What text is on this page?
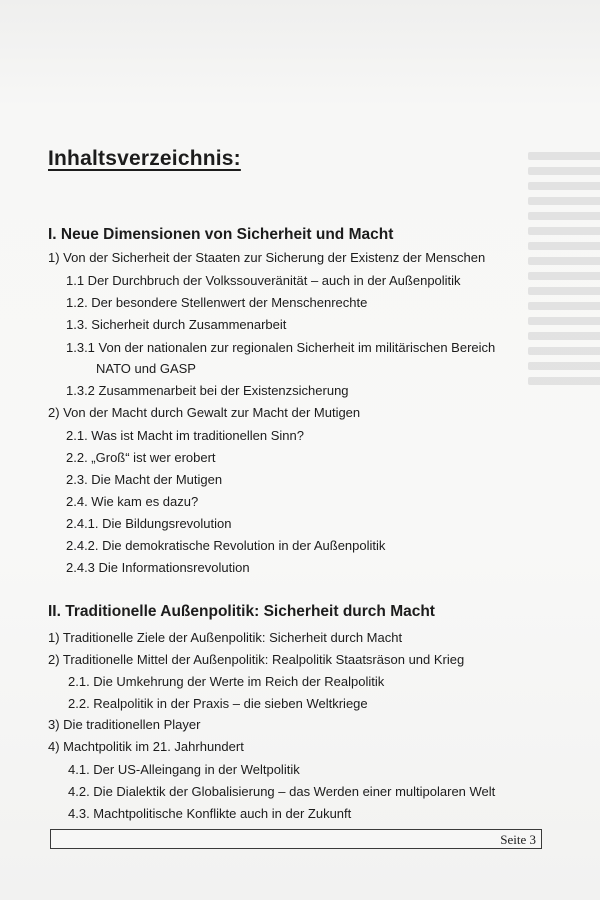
Inhaltsverzeichnis:
I. Neue Dimensionen von Sicherheit und Macht
1) Von der Sicherheit der Staaten zur Sicherung der Existenz der Menschen
1.1 Der Durchbruch der Volkssouveränität – auch in der Außenpolitik
1.2. Der besondere Stellenwert der Menschenrechte
1.3. Sicherheit durch Zusammenarbeit
1.3.1 Von der nationalen zur regionalen Sicherheit im militärischen Bereich
NATO und GASP
1.3.2 Zusammenarbeit bei der Existenzsicherung
2) Von der Macht durch Gewalt zur Macht der Mutigen
2.1. Was ist Macht im traditionellen Sinn?
2.2. „Groß“ ist wer erobert
2.3. Die Macht der Mutigen
2.4. Wie kam es dazu?
2.4.1. Die Bildungsrevolution
2.4.2. Die demokratische Revolution in der Außenpolitik
2.4.3 Die Informationsrevolution
II. Traditionelle Außenpolitik: Sicherheit durch Macht
1) Traditionelle Ziele der Außenpolitik: Sicherheit durch Macht
2) Traditionelle Mittel der Außenpolitik: Realpolitik Staatsräson und Krieg
2.1. Die Umkehrung der Werte im Reich der Realpolitik
2.2. Realpolitik in der Praxis – die sieben Weltkriege
3) Die traditionellen Player
4) Machtpolitik im 21. Jahrhundert
4.1. Der US-Alleingang in der Weltpolitik
4.2. Die Dialektik der Globalisierung – das Werden einer multipolaren Welt
4.3. Machtpolitische Konflikte auch in der Zukunft
Seite 3
